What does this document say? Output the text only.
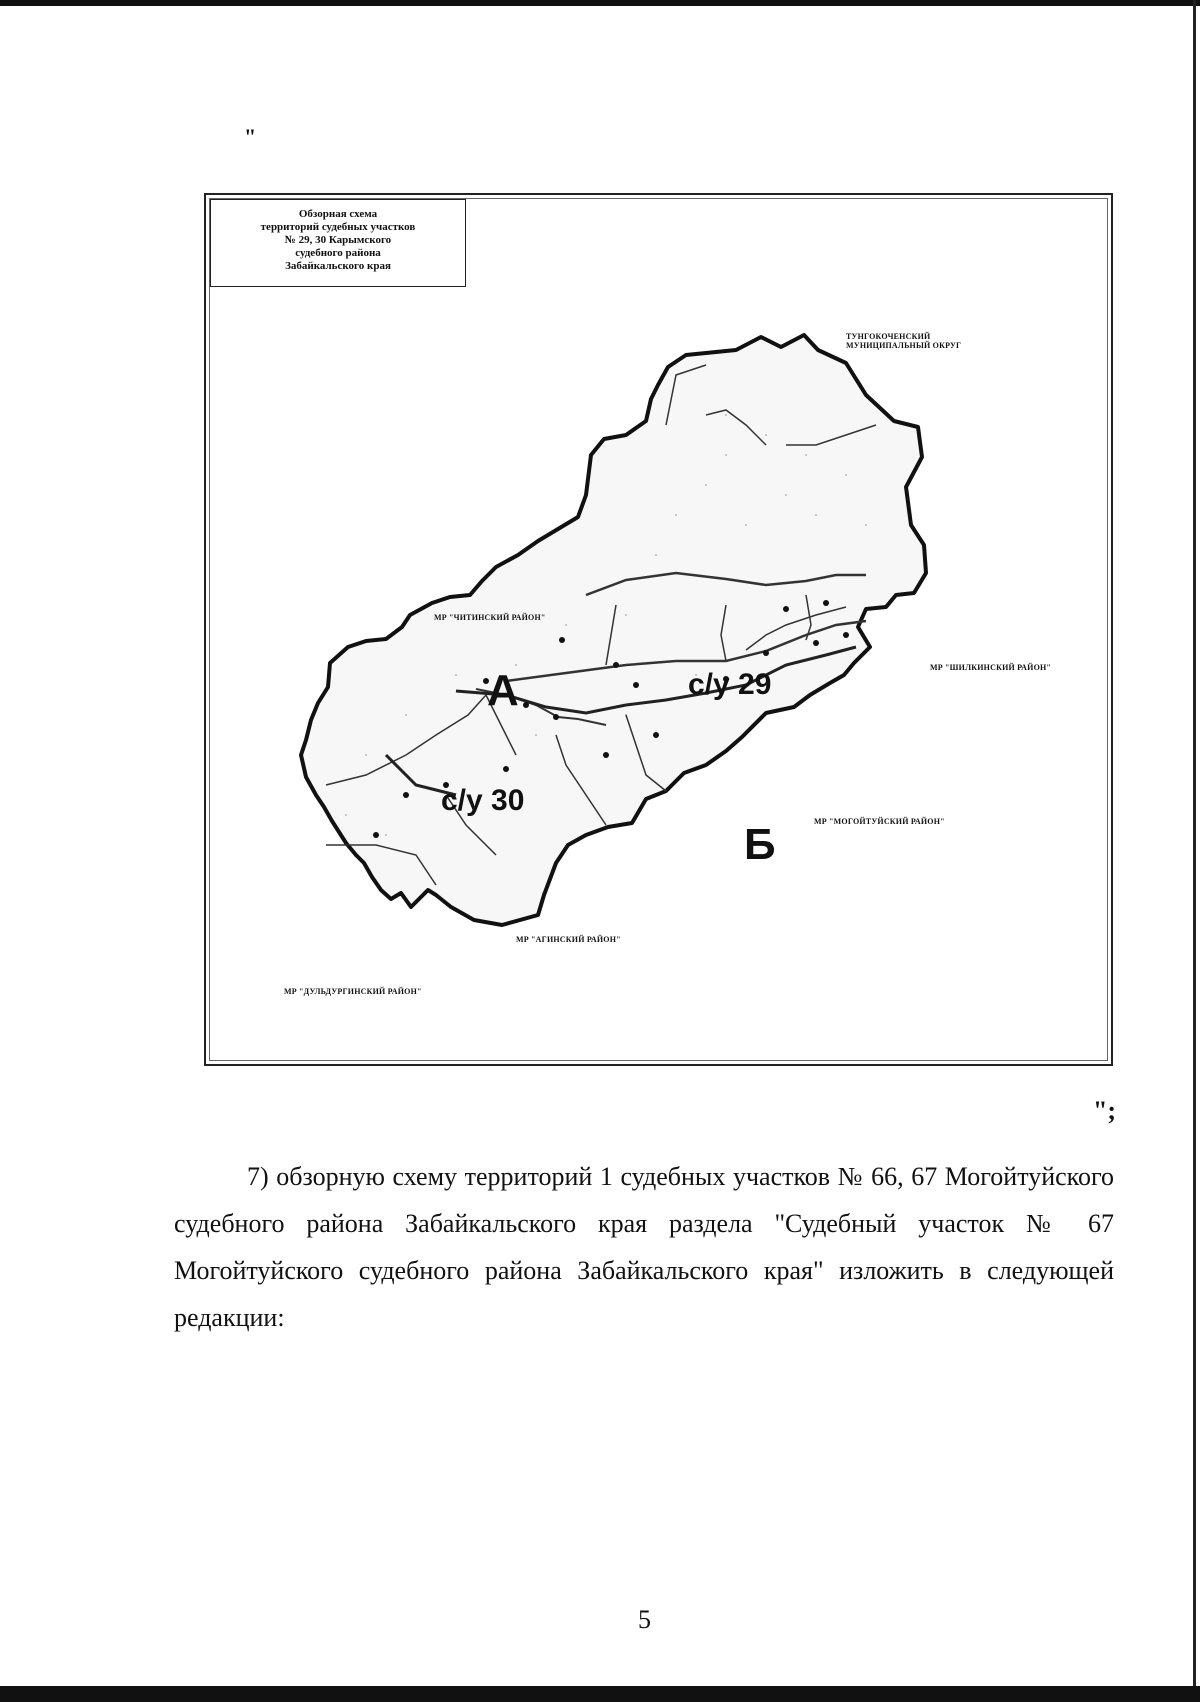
"
Обзорная схема
территорий судебных участков
№ 29, 30 Карымского
судебного района
Забайкальского края
ТУНГОКОЧЕНСКИЙ
МУНИЦИПАЛЬНЫЙ ОКРУГ
МР "ЧИТИНСКИЙ РАЙОН"
МР "ШИЛКИНСКИЙ РАЙОН"
МР "МОГОЙТУЙСКИЙ РАЙОН"
МР "АГИНСКИЙ РАЙОН"
МР "ДУЛЬДУРГИНСКИЙ РАЙОН"
А
Б
с/у 29
с/у 30
";

7) обзорную схему территорий 1 судебных участков № 66, 67 Могойтуйского судебного района Забайкальского края раздела "Судебный участок № 67 Могойтуйского судебного района Забайкальского края" изложить в следующей редакции:

5
